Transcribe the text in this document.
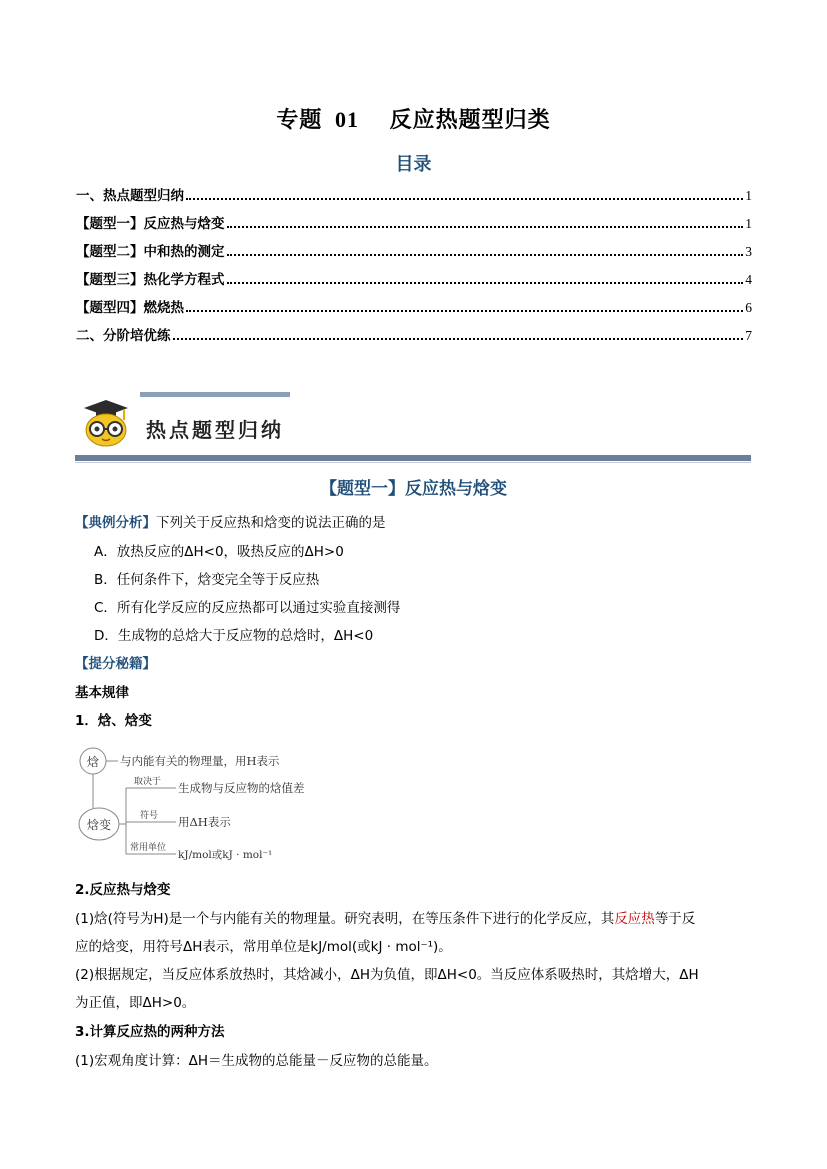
专题 01 反应热题型归类
目录
一、热点题型归纳	1
【题型一】反应热与焓变	1
【题型二】中和热的测定	3
【题型三】热化学方程式	4
【题型四】燃烧热	6
二、分阶培优练	7
热点题型归纳
【题型一】反应热与焓变
【典例分析】下列关于反应热和焓变的说法正确的是
A．放热反应的ΔH<0，吸热反应的ΔH>0
B．任何条件下，焓变完全等于反应热
C．所有化学反应的反应热都可以通过实验直接测得
D．生成物的总焓大于反应物的总焓时，ΔH<0
【提分秘籍】
基本规律
1．焓、焓变
焓 与内能有关的物理量，用H表示
焓变
取决于 生成物与反应物的焓值差
符号 用ΔH表示
常用单位
kJ/mol或kJ · mol⁻¹
2.反应热与焓变
(1)焓(符号为H)是一个与内能有关的物理量。研究表明，在等压条件下进行的化学反应，其反应热等于反
应的焓变，用符号ΔH表示，常用单位是kJ/mol(或kJ · mol⁻¹)。
(2)根据规定，当反应体系放热时，其焓减小，ΔH为负值，即ΔH<0。当反应体系吸热时，其焓增大，ΔH
为正值，即ΔH>0。
3.计算反应热的两种方法
(1)宏观角度计算：ΔH＝生成物的总能量－反应物的总能量。
